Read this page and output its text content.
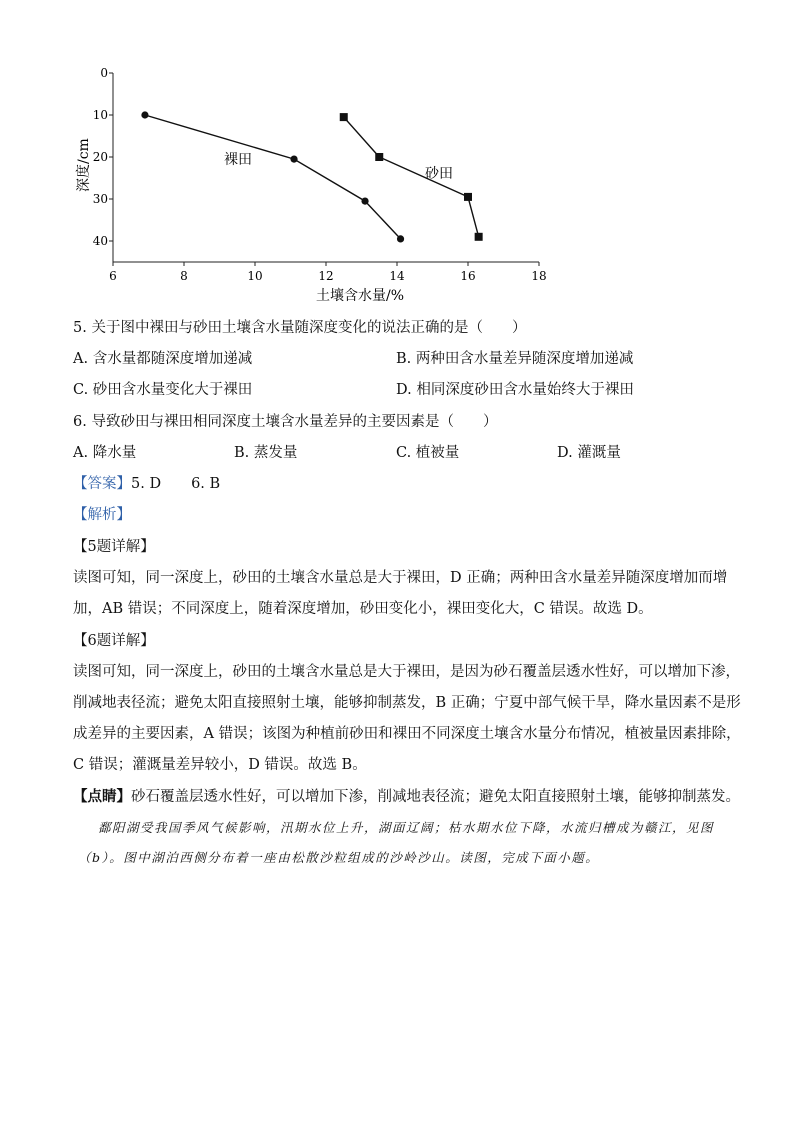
6	8	10	12	14	16	18
0
10
20
30
40
深度/cm
土壤含水量/%
裸田
砂田
5. 关于图中裸田与砂田土壤含水量随深度变化的说法正确的是（　　）
A. 含水量都随深度增加递减	B. 两种田含水量差异随深度增加递减
C. 砂田含水量变化大于裸田	D. 相同深度砂田含水量始终大于裸田
6. 导致砂田与裸田相同深度土壤含水量差异的主要因素是（　　）
A. 降水量	B. 蒸发量	C. 植被量	D. 灌溉量
【答案】5. D 6. B
【解析】
【5题详解】
读图可知，同一深度上，砂田的土壤含水量总是大于裸田，D 正确；两种田含水量差异随深度增加而增
加，AB 错误；不同深度上，随着深度增加，砂田变化小，裸田变化大，C 错误。故选 D。
【6题详解】
读图可知，同一深度上，砂田的土壤含水量总是大于裸田，是因为砂石覆盖层透水性好，可以增加下渗，
削减地表径流；避免太阳直接照射土壤，能够抑制蒸发，B 正确；宁夏中部气候干旱，降水量因素不是形
成差异的主要因素，A 错误；该图为种植前砂田和裸田不同深度土壤含水量分布情况，植被量因素排除，
C 错误；灌溉量差异较小，D 错误。故选 B。
【点睛】砂石覆盖层透水性好，可以增加下渗，削减地表径流；避免太阳直接照射土壤，能够抑制蒸发。
鄱阳湖受我国季风气候影响，汛期水位上升，湖面辽阔；枯水期水位下降，水流归槽成为赣江，见图
（b）。图中湖泊西侧分布着一座由松散沙粒组成的沙岭沙山。读图，完成下面小题。
